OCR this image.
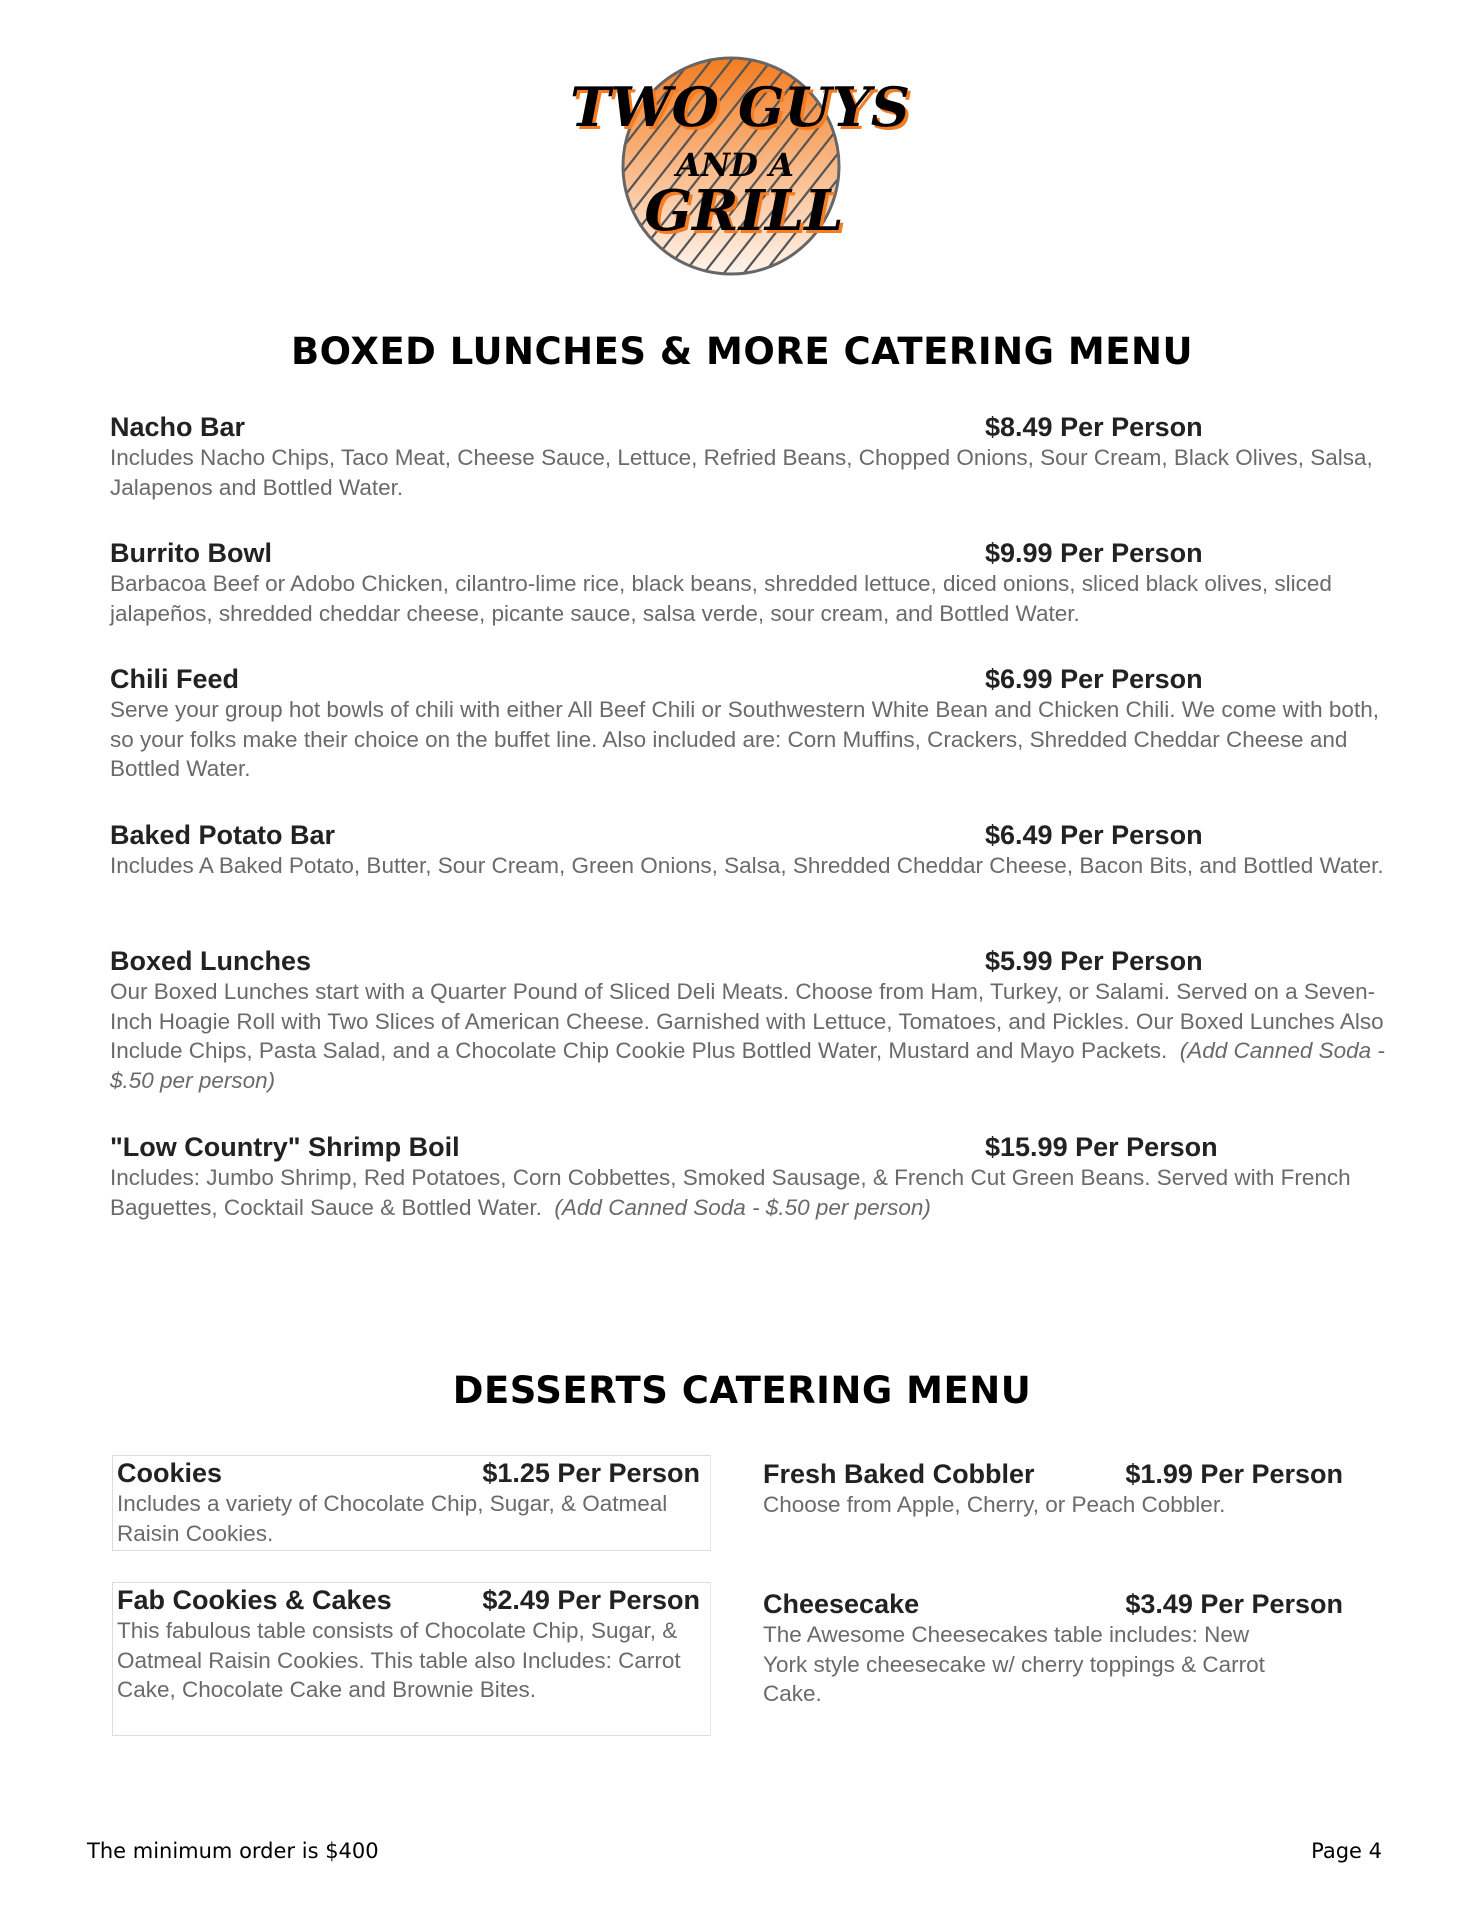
TWO GUYS
AND A
GRILL
BOXED LUNCHES & MORE CATERING MENU
Nacho Bar	$8.49 Per Person
Includes Nacho Chips, Taco Meat, Cheese Sauce, Lettuce, Refried Beans, Chopped Onions, Sour Cream, Black Olives, Salsa, Jalapenos and Bottled Water.
Burrito Bowl	$9.99 Per Person
Barbacoa Beef or Adobo Chicken, cilantro-lime rice, black beans, shredded lettuce, diced onions, sliced black olives, sliced jalapeños, shredded cheddar cheese, picante sauce, salsa verde, sour cream, and Bottled Water.
Chili Feed	$6.99 Per Person
Serve your group hot bowls of chili with either All Beef Chili or Southwestern White Bean and Chicken Chili. We come with both, so your folks make their choice on the buffet line. Also included are: Corn Muffins, Crackers, Shredded Cheddar Cheese and Bottled Water.
Baked Potato Bar	$6.49 Per Person
Includes A Baked Potato, Butter, Sour Cream, Green Onions, Salsa, Shredded Cheddar Cheese, Bacon Bits, and Bottled Water.
Boxed Lunches	$5.99 Per Person
Our Boxed Lunches start with a Quarter Pound of Sliced Deli Meats. Choose from Ham, Turkey, or Salami. Served on a Seven-Inch Hoagie Roll with Two Slices of American Cheese. Garnished with Lettuce, Tomatoes, and Pickles. Our Boxed Lunches Also Include Chips, Pasta Salad, and a Chocolate Chip Cookie Plus Bottled Water, Mustard and Mayo Packets. (Add Canned Soda - $.50 per person)
"Low Country" Shrimp Boil	$15.99 Per Person
Includes: Jumbo Shrimp, Red Potatoes, Corn Cobbettes, Smoked Sausage, & French Cut Green Beans. Served with French Baguettes, Cocktail Sauce & Bottled Water. (Add Canned Soda - $.50 per person)
DESSERTS CATERING MENU
Cookies	$1.25 Per Person
Includes a variety of Chocolate Chip, Sugar, & Oatmeal Raisin Cookies.
Fab Cookies & Cakes	$2.49 Per Person
This fabulous table consists of Chocolate Chip, Sugar, & Oatmeal Raisin Cookies. This table also Includes: Carrot Cake, Chocolate Cake and Brownie Bites.
Fresh Baked Cobbler	$1.99 Per Person
Choose from Apple, Cherry, or Peach Cobbler.
Cheesecake	$3.49 Per Person
The Awesome Cheesecakes table includes: New York style cheesecake w/ cherry toppings & Carrot Cake.
The minimum order is $400	Page 4
